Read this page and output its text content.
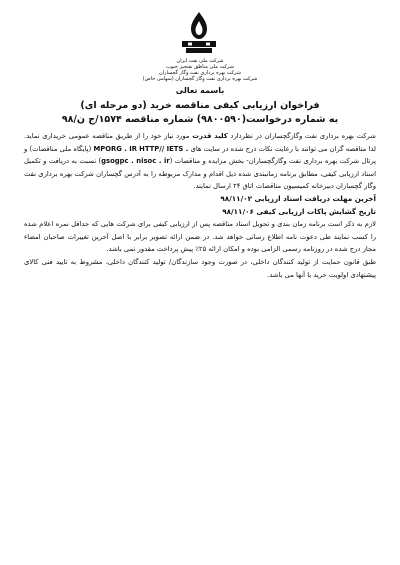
شرکت ملی نفت ایران
شرکت ملی مناطق نفتخیز جنوب
شرکت بهره برداری نفت وگاز گچساران
شرکت بهره برداری نفت وگاز گچساران (سهامی خاص)
باسمه تعالی
فراخوان ارزیابی کیفی مناقصه خرید (دو مرحله ای)
به شماره درخواست(۹۸۰۰۵۹۰) شماره مناقصه ۱۵۷۴/ج ن/۹۸

شرکت بهره برداری نفت وگازگچساران در نظردارد کلید قدرت مورد نیاز خود را از طریق مناقصه عمومی خریداری نماید. لذا مناقصه گران می توانند با رعایت نکات درج شده در سایت های HTTP// IETS . MPORG . IR (پایگاه ملی مناقصات) و پرتال شرکت بهره برداری نفت وگازگچساران- بخش مزایده و مناقصات (gsogpc . nisoc . ir) نسبت به دریافت و تکمیل اسناد ارزیابی کیفی، مطابق برنامه زمانبندی شده ذیل اقدام و مدارک مربوطه را به آدرس گچساران شرکت بهره برداری نفت وگاز گچساران دبیرخانه کمیسیون مناقصات اتاق ۲۴ ارسال نمایند.

آخرین مهلت دریافت اسناد ارزیابی ۹۸/۱۱/۰۲

تاریخ گشایش پاکات ارزیابی کیفی ۹۸/۱۱/۰۶

لازم به ذکر است برنامه زمان بندی و تحویل اسناد مناقصه پس از ارزیابی کیفی برای شرکت هایی که حداقل نمره اعلام شده را کسب نمایند طی دعوت نامه اطلاع رسانی خواهد شد. در ضمن ارائه تصویر برابر با اصل آخرین تغییرات صاحبان امضاء مجاز درج شده در روزنامه رسمی الزامی بوده و امکان ارائه ۲۵٪ پیش پرداخت مقدور نمی باشد.

طبق قانون حمایت از تولید کنندگان داخلی، در صورت وجود سازندگان/ تولید کنندگان داخلی، مشروط به تایید فنی کالای پیشنهادی اولویت خرید با آنها می باشد.
